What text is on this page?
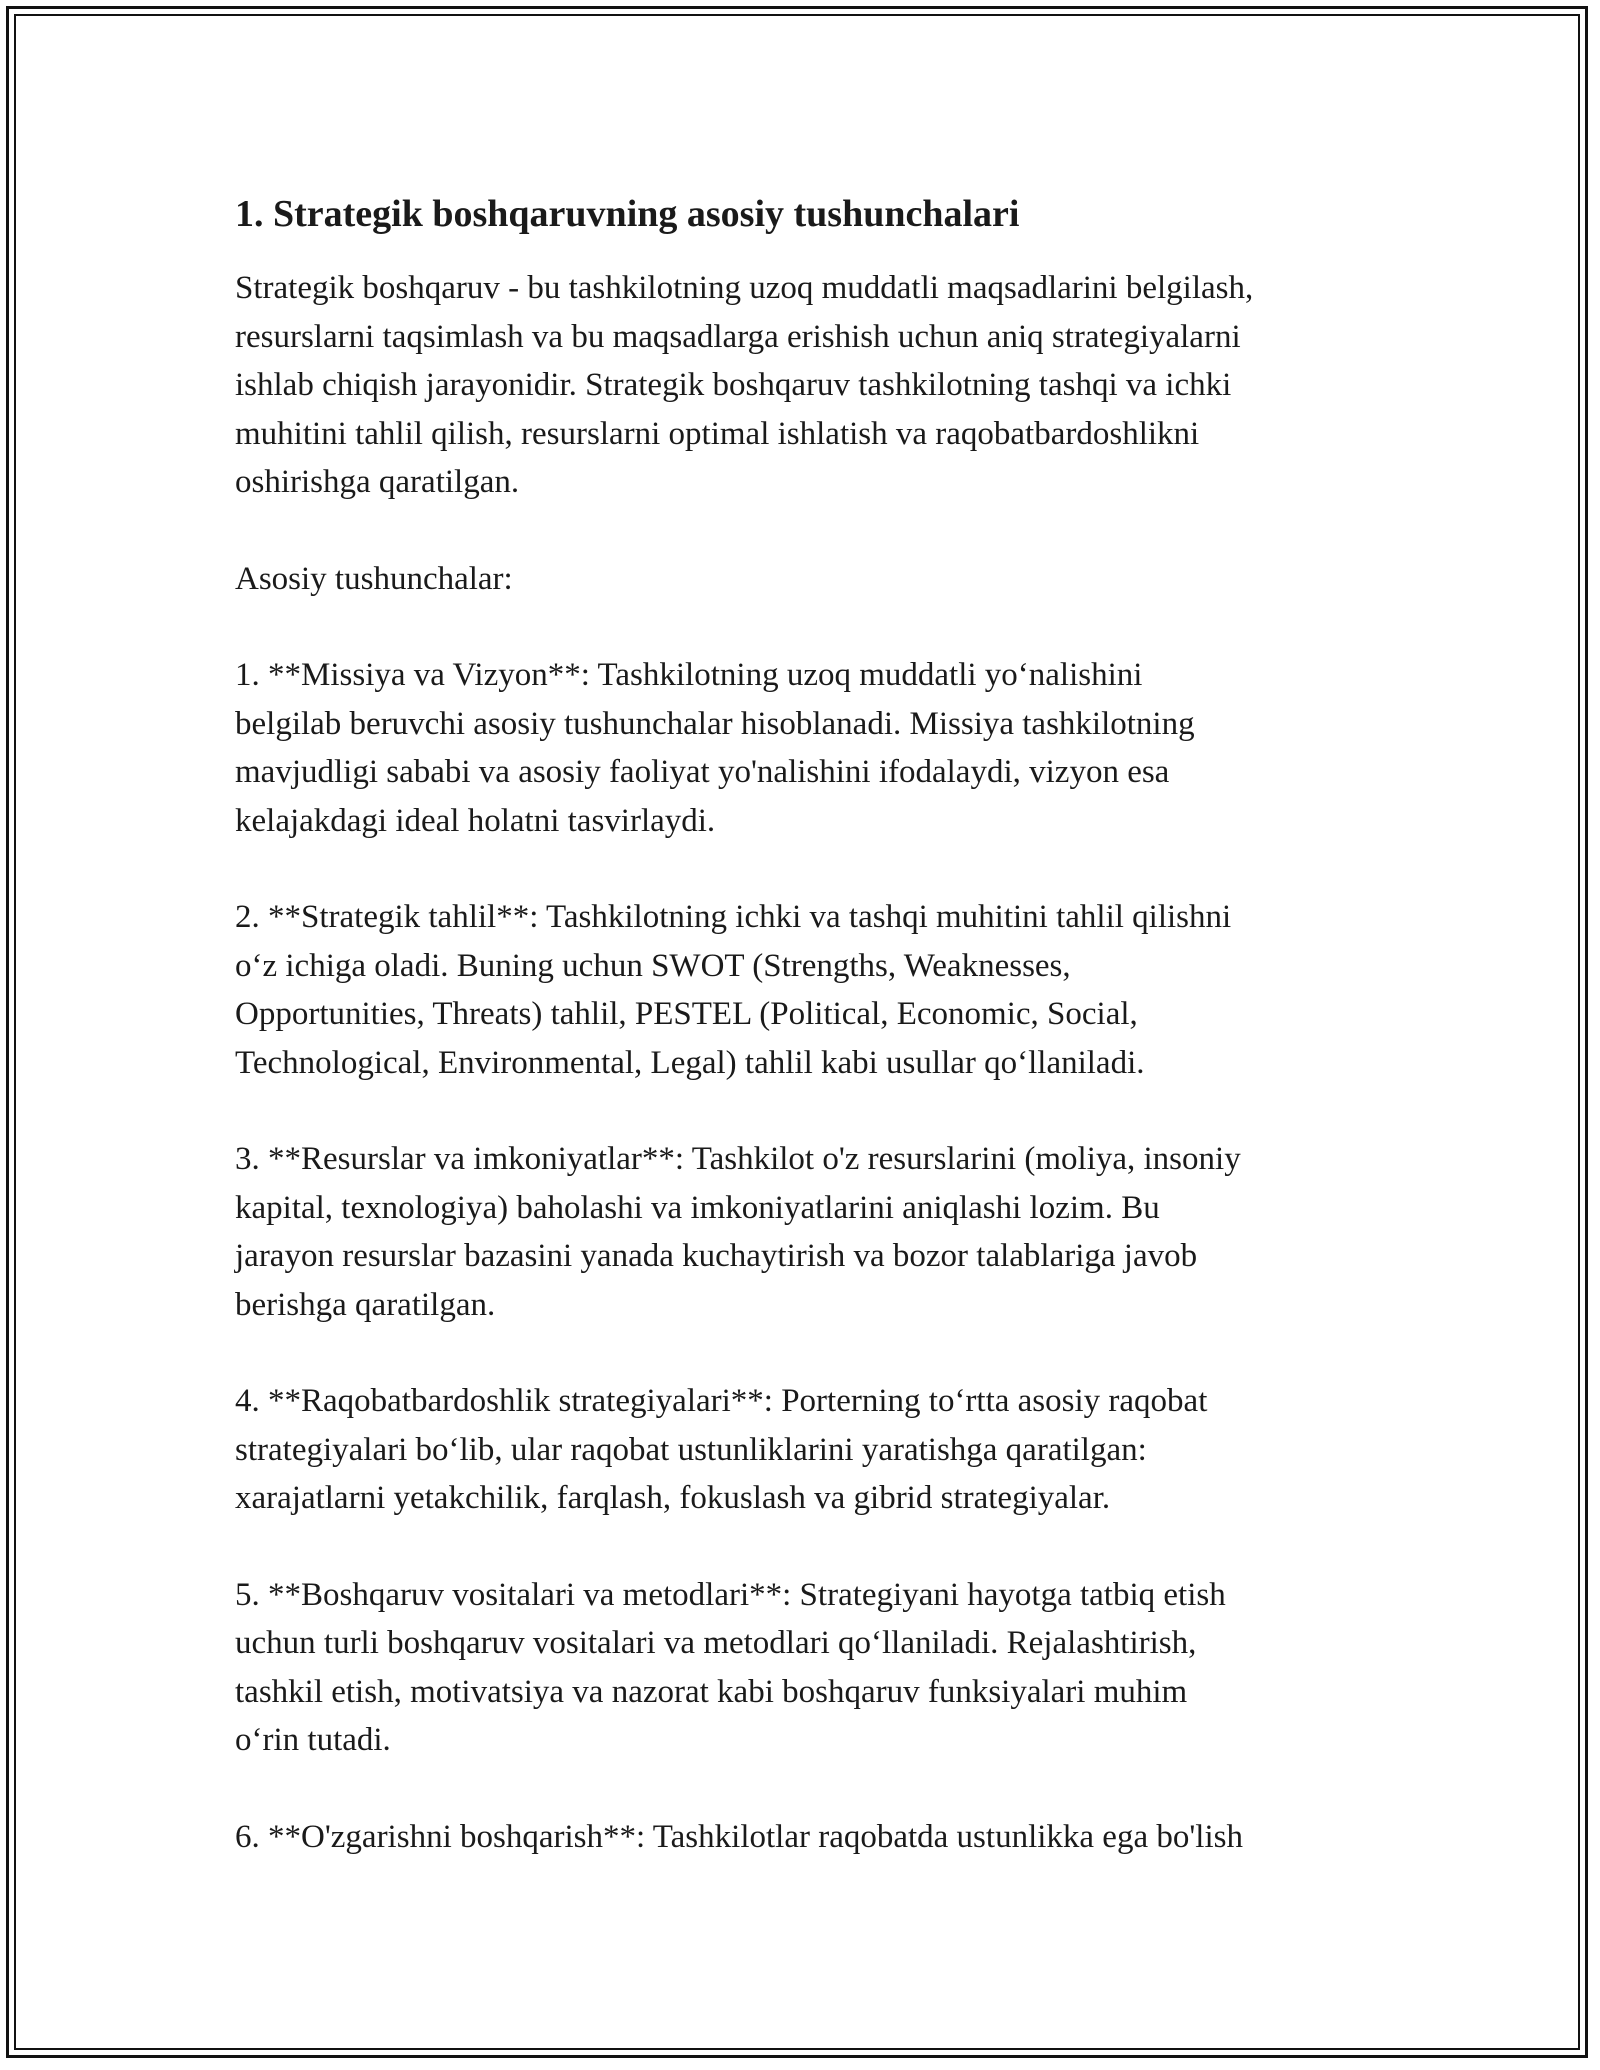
1. Strategik boshqaruvning asosiy tushunchalari

Strategik boshqaruv - bu tashkilotning uzoq muddatli maqsadlarini belgilash,
resurslarni taqsimlash va bu maqsadlarga erishish uchun aniq strategiyalarni
ishlab chiqish jarayonidir. Strategik boshqaruv tashkilotning tashqi va ichki
muhitini tahlil qilish, resurslarni optimal ishlatish va raqobatbardoshlikni
oshirishga qaratilgan.

Asosiy tushunchalar:

1. **Missiya va Vizyon**: Tashkilotning uzoq muddatli yoʻnalishini
belgilab beruvchi asosiy tushunchalar hisoblanadi. Missiya tashkilotning
mavjudligi sababi va asosiy faoliyat yo'nalishini ifodalaydi, vizyon esa
kelajakdagi ideal holatni tasvirlaydi.

2. **Strategik tahlil**: Tashkilotning ichki va tashqi muhitini tahlil qilishni
oʻz ichiga oladi. Buning uchun SWOT (Strengths, Weaknesses,
Opportunities, Threats) tahlil, PESTEL (Political, Economic, Social,
Technological, Environmental, Legal) tahlil kabi usullar qoʻllaniladi.

3. **Resurslar va imkoniyatlar**: Tashkilot o'z resurslarini (moliya, insoniy
kapital, texnologiya) baholashi va imkoniyatlarini aniqlashi lozim. Bu
jarayon resurslar bazasini yanada kuchaytirish va bozor talablariga javob
berishga qaratilgan.

4. **Raqobatbardoshlik strategiyalari**: Porterning toʻrtta asosiy raqobat
strategiyalari boʻlib, ular raqobat ustunliklarini yaratishga qaratilgan:
xarajatlarni yetakchilik, farqlash, fokuslash va gibrid strategiyalar.

5. **Boshqaruv vositalari va metodlari**: Strategiyani hayotga tatbiq etish
uchun turli boshqaruv vositalari va metodlari qoʻllaniladi. Rejalashtirish,
tashkil etish, motivatsiya va nazorat kabi boshqaruv funksiyalari muhim
oʻrin tutadi.

6. **O'zgarishni boshqarish**: Tashkilotlar raqobatda ustunlikka ega bo'lish
